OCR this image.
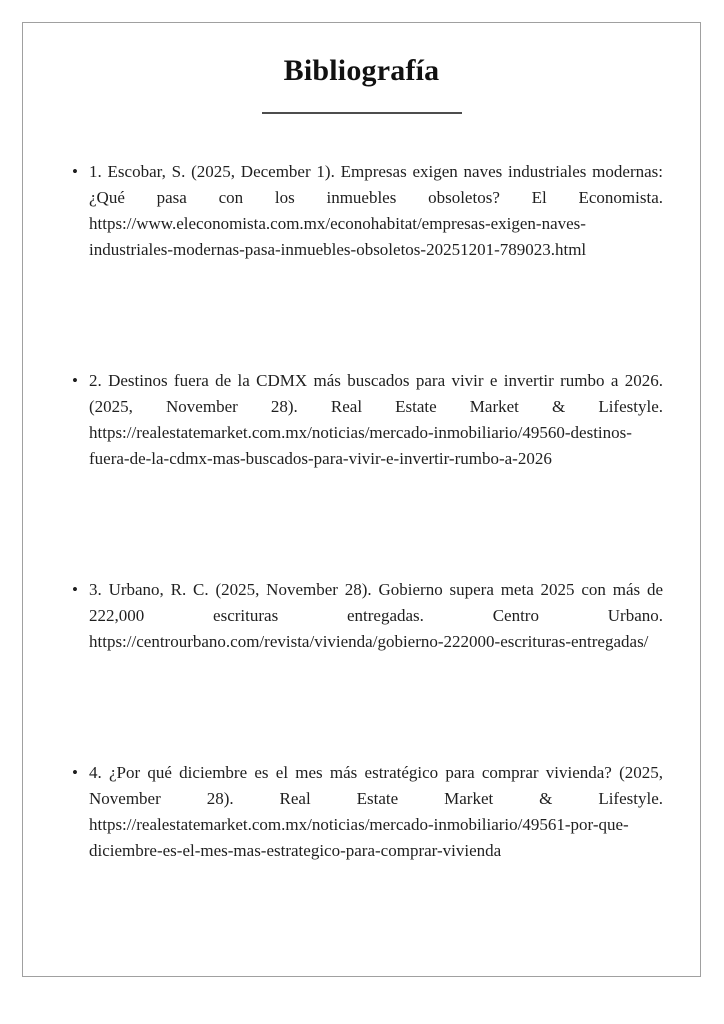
Bibliografía
• 1. Escobar, S. (2025, December 1). Empresas exigen naves industriales modernas: ¿Qué pasa con los inmuebles obsoletos? El Economista. https://www.eleconomista.com.mx/econohabitat/empresas-exigen-naves-industriales-modernas-pasa-inmuebles-obsoletos-20251201-789023.html
• 2. Destinos fuera de la CDMX más buscados para vivir e invertir rumbo a 2026. (2025, November 28). Real Estate Market & Lifestyle. https://realestatemarket.com.mx/noticias/mercado-inmobiliario/49560-destinos-fuera-de-la-cdmx-mas-buscados-para-vivir-e-invertir-rumbo-a-2026
• 3. Urbano, R. C. (2025, November 28). Gobierno supera meta 2025 con más de 222,000 escrituras entregadas. Centro Urbano. https://centrourbano.com/revista/vivienda/gobierno-222000-escrituras-entregadas/
• 4. ¿Por qué diciembre es el mes más estratégico para comprar vivienda? (2025, November 28). Real Estate Market & Lifestyle. https://realestatemarket.com.mx/noticias/mercado-inmobiliario/49561-por-que-diciembre-es-el-mes-mas-estrategico-para-comprar-vivienda
